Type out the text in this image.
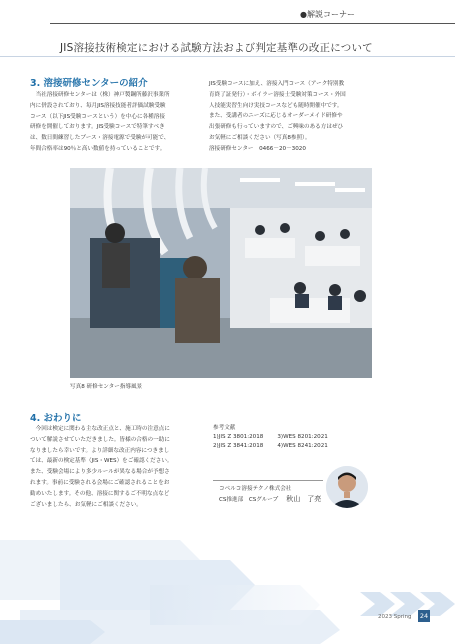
●解説コーナー
JIS溶接技術検定における試験方法および判定基準の改正について
3. 溶接研修センターの紹介
　当社溶接研修センターは（株）神戸製鋼所藤沢事業所
内に併設されており、毎月JIS溶接技能者評価試験受験
コース（以下JIS受験コースという）を中心に各種溶接
研修を開催しております。JIS受験コースで特筆すべき
は、数日間練習したブース・溶接電源で受験が可能で、
年間合格率は90％と高い数値を持っていることです。
JIS受験コースに加え、溶接入門コース（アーク特別教
育終了証発行）・ボイラー溶接士受験対策コース・外国
人技能実習生向け実技コースなども随時開催中です。
また、受講者のニーズに応じるオーダーメイド研修や
出張研修も行っていますので、ご興味のある方はぜひ
お気軽にご相談ください（写真8参照）。
溶接研修センター　0466－20－3020
写真8 研修センター指導風景
4. おわりに
　今回は検定に関わる主な改正点と、施工時の注意点に
ついて解説させていただきました。皆様の合格の一助に
なりましたら幸いです。より詳細な改正内容につきまし
ては、最新の検定基準（JIS・WES）をご確認ください。
また、受験会場により多少ルールが異なる場合が予想さ
れます。事前に受験される会場にご確認されることをお
勧めいたします。その他、溶接に関するご不明な点など
ございましたら、お気軽にご相談ください。
参考文献
1)JIS Z 3801:2018	3)WES 8201:2021
2)JIS Z 3841:2018	4)WES 8241:2021
コベルコ溶接テクノ株式会社
CS推進部　CSグループ 秋山　了亮
2023 Spring 24
